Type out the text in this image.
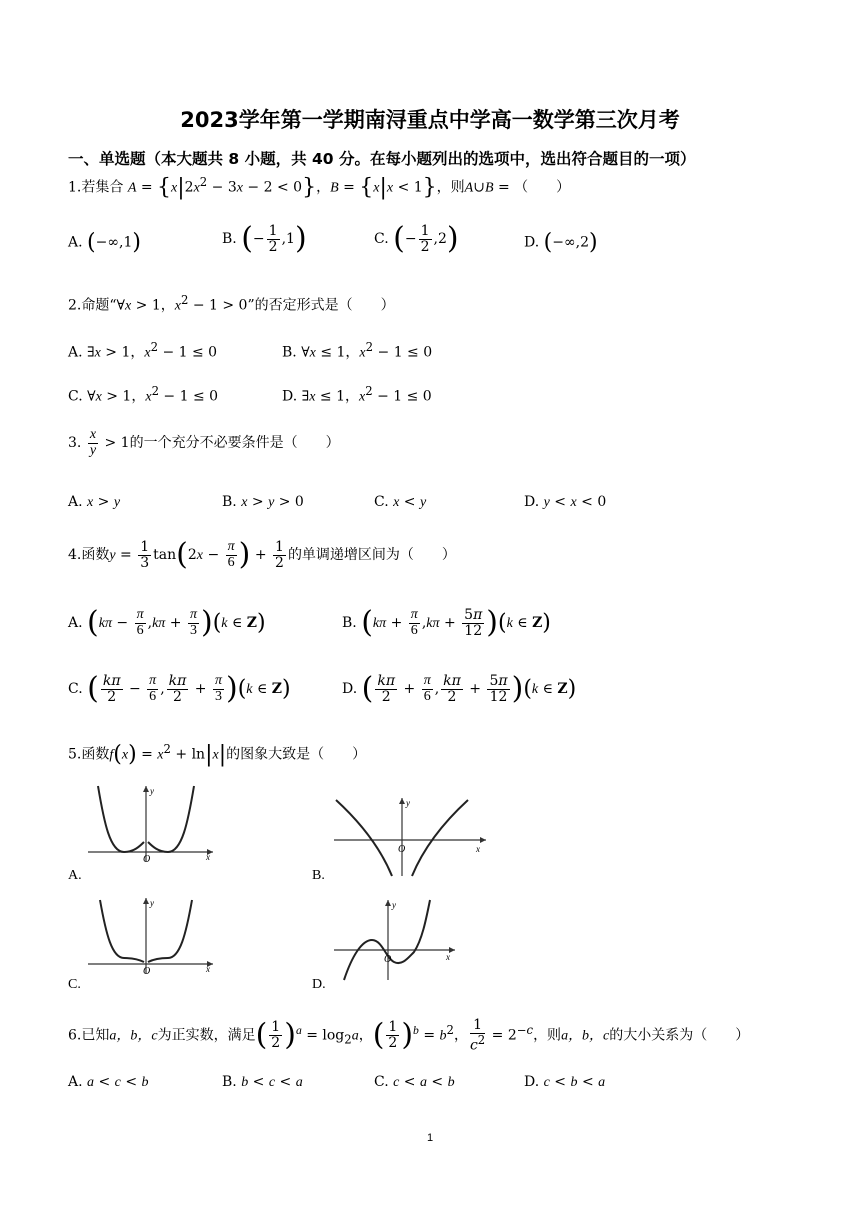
2023学年第一学期南浔重点中学高一数学第三次月考
一、单选题（本大题共 8 小题，共 40 分。在每小题列出的选项中，选出符合题目的一项）
1.若集合 $A = \{x|2x^2 - 3x - 2 < 0\}$，B = {x|x < 1}，则A∪B = （　　）
A. (−∞,1)	B. (− $\frac{1}{2} ,1$)	C. (− $\frac{1}{2} ,2$)	D. (−∞,2)
2.命题“∀x > 1，$x^2 - 1 > 0$”的否定形式是（　　）
A. ∃x > 1，$x^2 - 1 \le 0$	B. ∀x ≤ 1，$x^2 - 1 \le 0$
C. ∀x > 1，$x^2 - 1 \le 0$	D. ∃x ≤ 1，$x^2 - 1 \le 0$
3. $\frac{x}{y} > 1$的一个充分不必要条件是（　　）
A. x > y	B. x > y > 0	C. x < y	D. y < x < 0
4.函数$y = \frac{1}{3} \tan(2x - \frac{\pi}{6}$ ) + $\frac{1}{2}$ 的单调递增区间为（　　）
A. $(k\pi - \frac{\pi}{6} ,k\pi + \frac{\pi}{3} )(k$ ∈ Z)	B. $(k\pi + \frac{\pi}{6} ,k\pi + \frac{5\pi}{12} )(k$ ∈ Z)
C. ( $\frac{k\pi}{2} - \frac{\pi}{6}$ , $\frac{k\pi}{2} + \frac{\pi}{3} )(k$ ∈ Z)	D. ( $\frac{k\pi}{2} + \frac{\pi}{6}$ , $\frac{k\pi}{2} + \frac{5\pi}{12} )(k$ ∈ Z)
5.函数$f(x) = x^2 + \ln|x|$的图象大致是（　　）
y
x
O
A.
y
x
O
B.
y
x
O
C.
y
x
O
D.
6.已知a，b，c为正实数，满足( $\frac{1}{2} )^a = \log_2a$，( $\frac{1}{2} )^b = b^2$， $\frac{1}{c^2} = 2^{-c}$，则a，b，c的大小关系为（　　）
A. a < c < b	B. b < c < a	C. c < a < b	D. c < b < a
1
